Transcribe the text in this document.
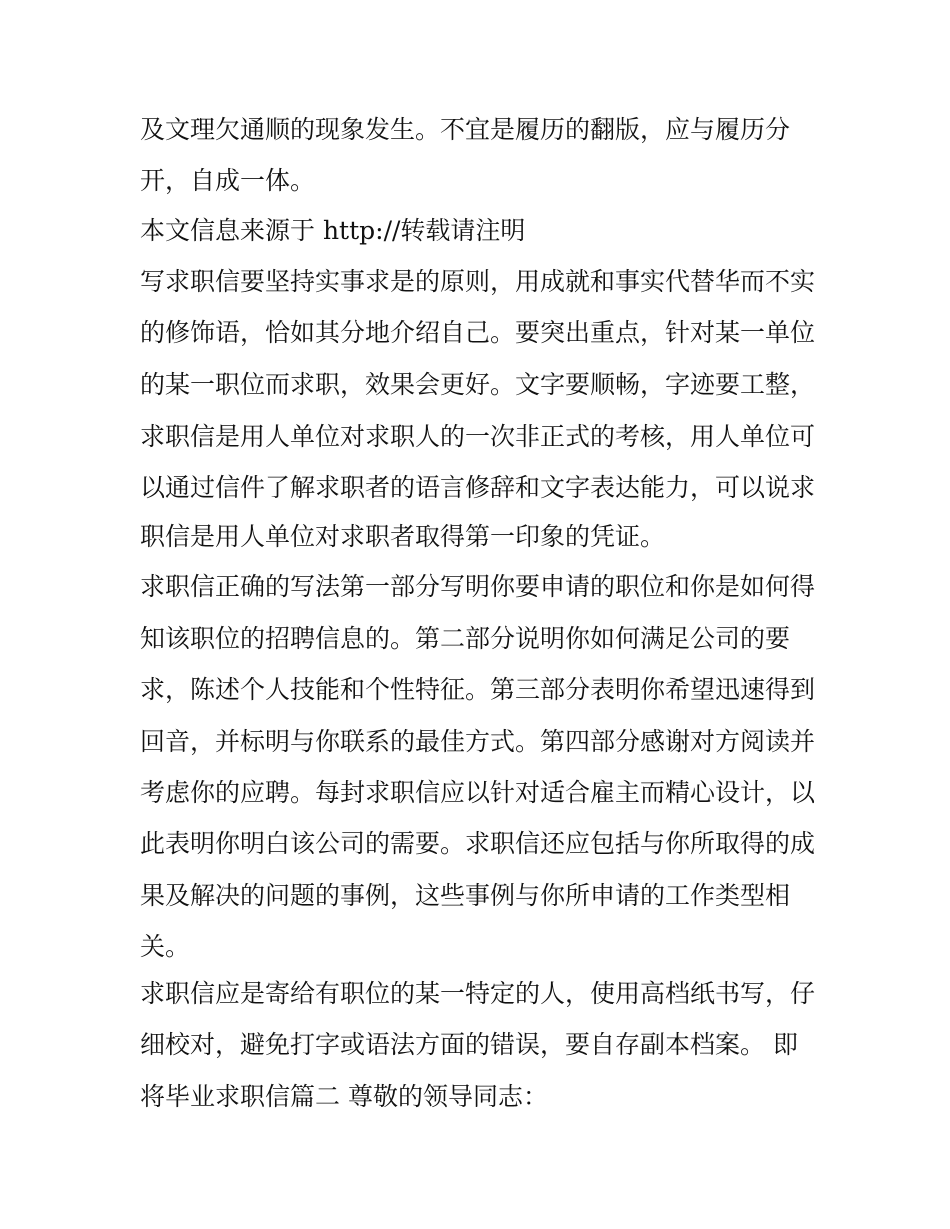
及文理欠通顺的现象发生。不宜是履历的翻版，应与履历分
开，自成一体。
本文信息来源于 http://转载请注明
写求职信要坚持实事求是的原则，用成就和事实代替华而不实
的修饰语，恰如其分地介绍自己。要突出重点，针对某一单位
的某一职位而求职，效果会更好。文字要顺畅，字迹要工整，
求职信是用人单位对求职人的一次非正式的考核，用人单位可
以通过信件了解求职者的语言修辞和文字表达能力，可以说求
职信是用人单位对求职者取得第一印象的凭证。
求职信正确的写法第一部分写明你要申请的职位和你是如何得
知该职位的招聘信息的。第二部分说明你如何满足公司的要
求，陈述个人技能和个性特征。第三部分表明你希望迅速得到
回音，并标明与你联系的最佳方式。第四部分感谢对方阅读并
考虑你的应聘。每封求职信应以针对适合雇主而精心设计，以
此表明你明白该公司的需要。求职信还应包括与你所取得的成
果及解决的问题的事例，这些事例与你所申请的工作类型相
关。
求职信应是寄给有职位的某一特定的人，使用高档纸书写，仔
细校对，避免打字或语法方面的错误，要自存副本档案。 即
将毕业求职信篇二 尊敬的领导同志：
